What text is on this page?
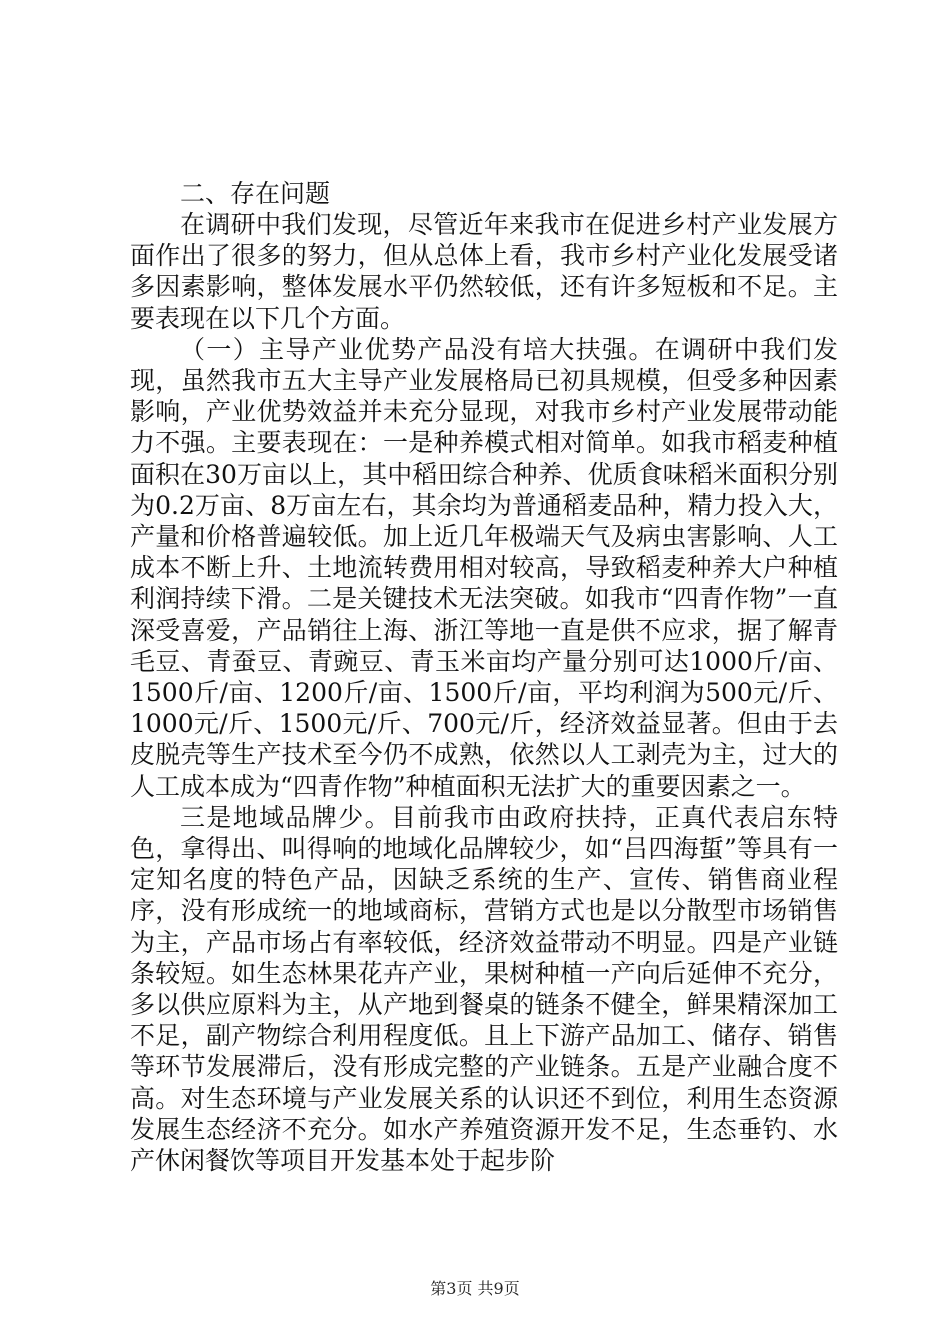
二、存在问题

在调研中我们发现，尽管近年来我市在促进乡村产业发展方面作出了很多的努力，但从总体上看，我市乡村产业化发展受诸多因素影响，整体发展水平仍然较低，还有许多短板和不足。主要表现在以下几个方面。

（一）主导产业优势产品没有培大扶强。在调研中我们发现，虽然我市五大主导产业发展格局已初具规模，但受多种因素影响，产业优势效益并未充分显现，对我市乡村产业发展带动能力不强。主要表现在：一是种养模式相对简单。如我市稻麦种植面积在30万亩以上，其中稻田综合种养、优质食味稻米面积分别为0.2万亩、8万亩左右，其余均为普通稻麦品种，精力投入大，产量和价格普遍较低。加上近几年极端天气及病虫害影响、人工成本不断上升、土地流转费用相对较高，导致稻麦种养大户种植利润持续下滑。二是关键技术无法突破。如我市“四青作物”一直深受喜爱，产品销往上海、浙江等地一直是供不应求，据了解青毛豆、青蚕豆、青豌豆、青玉米亩均产量分别可达1000斤/亩、1500斤/亩、1200斤/亩、1500斤/亩，平均利润为500元/斤、1000元/斤、1500元/斤、700元/斤，经济效益显著。但由于去皮脱壳等生产技术至今仍不成熟，依然以人工剥壳为主，过大的人工成本成为“四青作物”种植面积无法扩大的重要因素之一。

三是地域品牌少。目前我市由政府扶持，正真代表启东特色，拿得出、叫得响的地域化品牌较少，如“吕四海蜇”等具有一定知名度的特色产品，因缺乏系统的生产、宣传、销售商业程序，没有形成统一的地域商标，营销方式也是以分散型市场销售为主，产品市场占有率较低，经济效益带动不明显。四是产业链条较短。如生态林果花卉产业，果树种植一产向后延伸不充分，多以供应原料为主，从产地到餐桌的链条不健全，鲜果精深加工不足，副产物综合利用程度低。且上下游产品加工、储存、销售等环节发展滞后，没有形成完整的产业链条。五是产业融合度不高。对生态环境与产业发展关系的认识还不到位，利用生态资源发展生态经济不充分。如水产养殖资源开发不足，生态垂钓、水产休闲餐饮等项目开发基本处于起步阶

第3页 共9页
